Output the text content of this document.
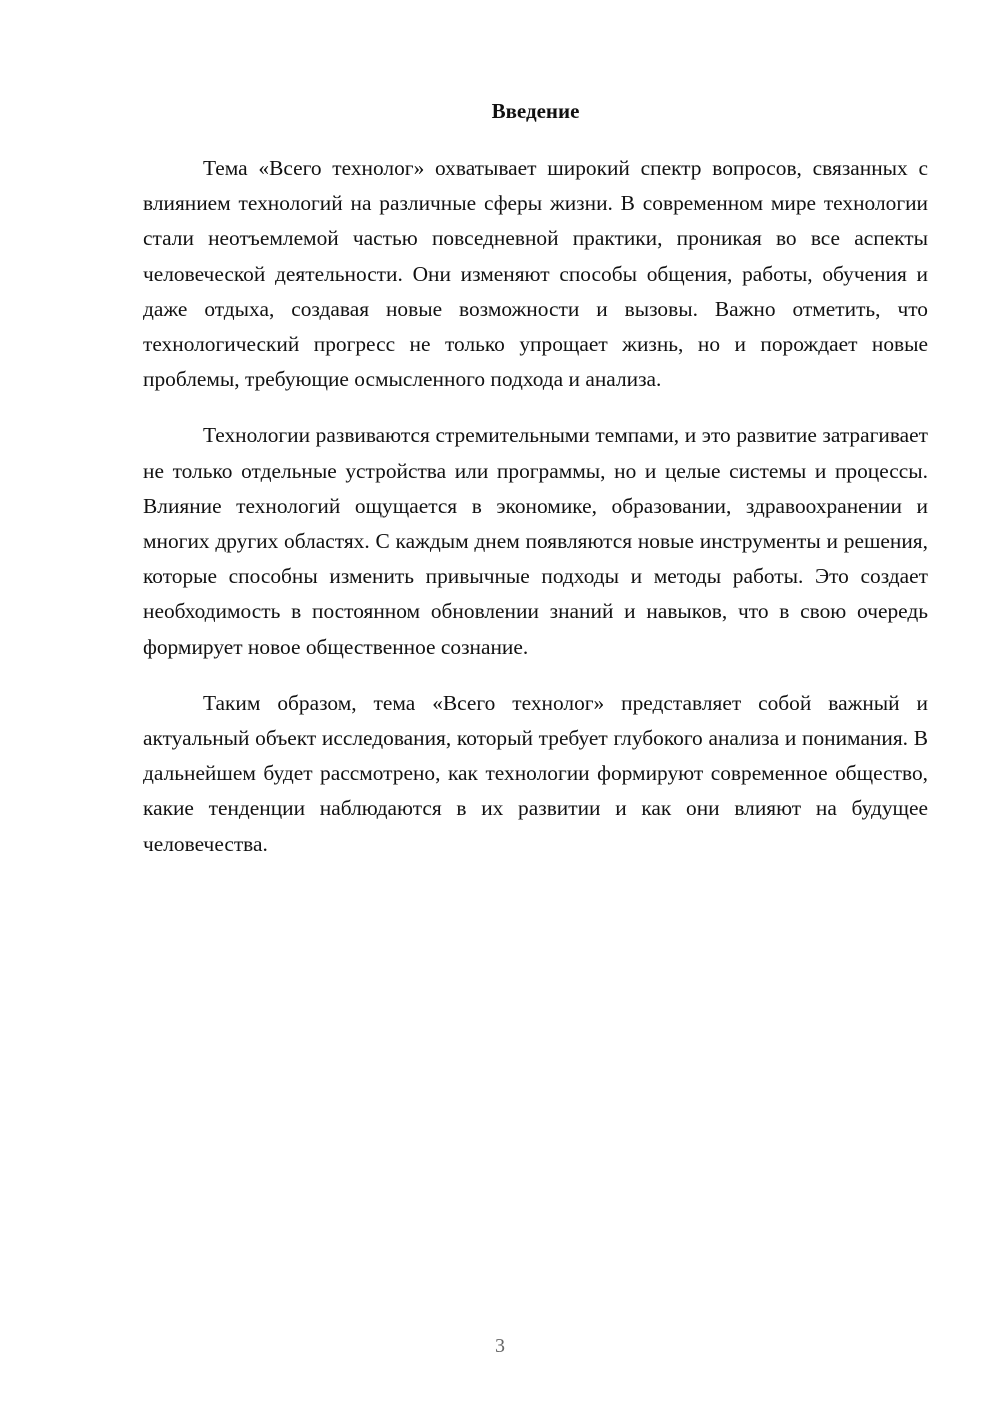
Введение

Тема «Всего технолог» охватывает широкий спектр вопросов, связанных с влиянием технологий на различные сферы жизни. В современном мире технологии стали неотъемлемой частью повседневной практики, проникая во все аспекты человеческой деятельности. Они изменяют способы общения, работы, обучения и даже отдыха, создавая новые возможности и вызовы. Важно отметить, что технологический прогресс не только упрощает жизнь, но и порождает новые проблемы, требующие осмысленного подхода и анализа.

Технологии развиваются стремительными темпами, и это развитие затрагивает не только отдельные устройства или программы, но и целые системы и процессы. Влияние технологий ощущается в экономике, образовании, здравоохранении и многих других областях. С каждым днем появляются новые инструменты и решения, которые способны изменить привычные подходы и методы работы. Это создает необходимость в постоянном обновлении знаний и навыков, что в свою очередь формирует новое общественное сознание.

Таким образом, тема «Всего технолог» представляет собой важный и актуальный объект исследования, который требует глубокого анализа и понимания. В дальнейшем будет рассмотрено, как технологии формируют современное общество, какие тенденции наблюдаются в их развитии и как они влияют на будущее человечества.

3
